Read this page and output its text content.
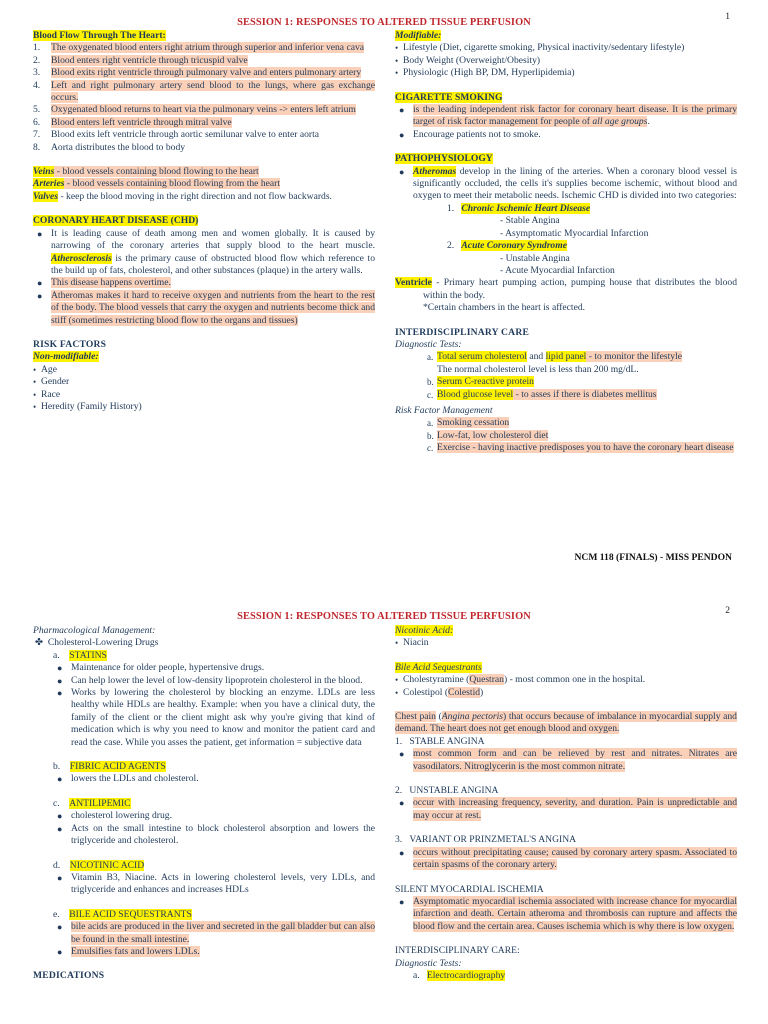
1
SESSION 1: RESPONSES TO ALTERED TISSUE PERFUSION
Blood Flow Through The Heart:
1. The oxygenated blood enters right atrium through superior and inferior vena cava
2. Blood enters right ventricle through tricuspid valve
3. Blood exits right ventricle through pulmonary valve and enters pulmonary artery
4. Left and right pulmonary artery send blood to the lungs, where gas exchange occurs.
5. Oxygenated blood returns to heart via the pulmonary veins -> enters left atrium
6. Blood enters left ventricle through mitral valve
7. Blood exits left ventricle through aortic semilunar valve to enter aorta
8. Aorta distributes the blood to body
Veins - blood vessels containing blood flowing to the heart
Arteries - blood vessels containing blood flowing from the heart
Valves - keep the blood moving in the right direction and not flow backwards.
CORONARY HEART DISEASE (CHD)
● It is leading cause of death among men and women globally. It is caused by narrowing of the coronary arteries that supply blood to the heart muscle. Atherosclerosis is the primary cause of obstructed blood flow which reference to the build up of fats, cholesterol, and other substances (plaque) in the artery walls.
● This disease happens overtime.
● Atheromas makes it hard to receive oxygen and nutrients from the heart to the rest of the body. The blood vessels that carry the oxygen and nutrients become thick and stiff (sometimes restricting blood flow to the organs and tissues)
RISK FACTORS
Non-modifiable:
• Age
• Gender
• Race
• Heredity (Family History)
Modifiable:
• Lifestyle (Diet, cigarette smoking, Physical inactivity/sedentary lifestyle)
• Body Weight (Overweight/Obesity)
• Physiologic (High BP, DM, Hyperlipidemia)
CIGARETTE SMOKING
● is the leading independent risk factor for coronary heart disease. It is the primary target of risk factor management for people of all age groups.
● Encourage patients not to smoke.
PATHOPHYSIOLOGY
● Atheromas develop in the lining of the arteries. When a coronary blood vessel is significantly occluded, the cells it's supplies become ischemic, without blood and oxygen to meet their metabolic needs. Ischemic CHD is divided into two categories:
1. Chronic Ischemic Heart Disease
- Stable Angina
- Asymptomatic Myocardial Infarction
2. Acute Coronary Syndrome
- Unstable Angina
- Acute Myocardial Infarction
Ventricle - Primary heart pumping action, pumping house that distributes the blood within the body.
*Certain chambers in the heart is affected.
INTERDISCIPLINARY CARE
Diagnostic Tests:
a. Total serum cholesterol and lipid panel - to monitor the lifestyle
The normal cholesterol level is less than 200 mg/dL.
b. Serum C-reactive protein
c. Blood glucose level - to asses if there is diabetes mellitus
Risk Factor Management
a. Smoking cessation
b. Low-fat, low cholesterol diet
c. Exercise - having inactive predisposes you to have the coronary heart disease
NCM 118 (FINALS) - MISS PENDON
2
SESSION 1: RESPONSES TO ALTERED TISSUE PERFUSION
Pharmacological Management:
✤ Cholesterol-Lowering Drugs
a. STATINS
● Maintenance for older people, hypertensive drugs.
● Can help lower the level of low-density lipoprotein cholesterol in the blood.
● Works by lowering the cholesterol by blocking an enzyme. LDLs are less healthy while HDLs are healthy. Example: when you have a clinical duty, the family of the client or the client might ask why you're giving that kind of medication which is why you need to know and monitor the patient card and read the case. While you asses the patient, get information = subjective data
b. FIBRIC ACID AGENTS
● lowers the LDLs and cholesterol.
c. ANTILIPEMIC
● cholesterol lowering drug.
● Acts on the small intestine to block cholesterol absorption and lowers the triglyceride and cholesterol.
d. NICOTINIC ACID
● Vitamin B3, Niacine. Acts in lowering cholesterol levels, very LDLs, and triglyceride and enhances and increases HDLs
e. BILE ACID SEQUESTRANTS
● bile acids are produced in the liver and secreted in the gall bladder but can also be found in the small intestine.
● Emulsifies fats and lowers LDLs.
MEDICATIONS
Nicotinic Acid:
• Niacin
Bile Acid Sequestrants
• Cholestyramine (Questran) - most common one in the hospital.
• Colestipol (Colestid)
Chest pain (Angina pectoris) that occurs because of imbalance in myocardial supply and demand. The heart does not get enough blood and oxygen.
1. STABLE ANGINA
● most common form and can be relieved by rest and nitrates. Nitrates are vasodilators. Nitroglycerin is the most common nitrate.
2. UNSTABLE ANGINA
● occur with increasing frequency, severity, and duration. Pain is unpredictable and may occur at rest.
3. VARIANT OR PRINZMETAL'S ANGINA
● occurs without precipitating cause; caused by coronary artery spasm. Associated to certain spasms of the coronary artery.
SILENT MYOCARDIAL ISCHEMIA
● Asymptomatic myocardial ischemia associated with increase chance for myocardial infarction and death. Certain atheroma and thrombosis can rupture and affects the blood flow and the certain area. Causes ischemia which is why there is low oxygen.
INTERDISCIPLINARY CARE:
Diagnostic Tests:
a. Electrocardiography
